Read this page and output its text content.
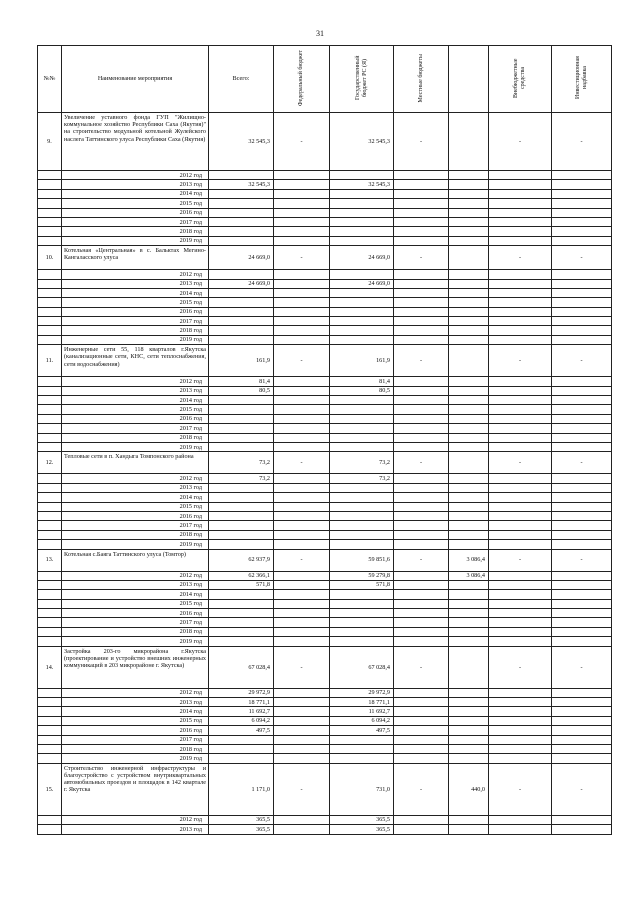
31
№№	Наименование мероприятия	Всего:	Федеральный бюджет	Государственный бюджет РС (Я)	Местные бюджеты		Внебюджетные средства	Инвестиционная надбавка
9.	Увеличение уставного фонда ГУП "Жилищно-коммунальное хозяйство Республики Саха (Якутия)" на строительство модульной котельной Жулейского наслега Таттинского улуса Республики Саха (Якутия)	32 545,3	-	32 545,3	-		-	-
	2012 год							
	2013 год	32 545,3		32 545,3				
	2014 год							
	2015 год							
	2016 год							
	2017 год							
	2018 год							
	2019 год							
10.	Котельная «Центральная» в с. Бальктах Мегино-Кангаласского улуса	24 669,0	-	24 669,0	-		-	-
	2012 год							
	2013 год	24 669,0		24 669,0				
	2014 год							
	2015 год							
	2016 год							
	2017 год							
	2018 год							
	2019 год							
11.	Инженерные сети 55, 118 кварталов г.Якутска (канализационные сети, КНС, сети теплоснабжения, сети водоснабжения)	161,9	-	161,9	-		-	-
	2012 год	81,4		81,4				
	2013 год	80,5		80,5				
	2014 год							
	2015 год							
	2016 год							
	2017 год							
	2018 год							
	2019 год							
12.	Тепловые сети в п. Хандыга Томпонского района	73,2	-	73,2	-		-	-
	2012 год	73,2		73,2				
	2013 год							
	2014 год							
	2015 год							
	2016 год							
	2017 год							
	2018 год							
	2019 год							
13.	Котельная с.Баяга Таттинского улуса (Томтор)	62 937,9	-	59 851,6	-	3 086,4	-	-
	2012 год	62 366,1		59 279,8		3 086,4		
	2013 год	571,8		571,8				
	2014 год							
	2015 год							
	2016 год							
	2017 год							
	2018 год							
	2019 год							
14.	Застройка 203-го микрорайона г.Якутска (проектирование и устройство внешних инженерных коммуникаций в 203 микрорайоне г. Якутска)	67 028,4	-	67 028,4	-		-	-
	2012 год	29 972,9		29 972,9				
	2013 год	18 771,1		18 771,1				
	2014 год	11 692,7		11 692,7				
	2015 год	6 094,2		6 094,2				
	2016 год	497,5		497,5				
	2017 год							
	2018 год							
	2019 год							
15.	Строительство инженерной инфраструктуры и благоустройство с устройством внутриквартальных автомобильных проездов и площадок в 142 квартале г. Якутска	1 171,0	-	731,0	-	440,0	-	-
	2012 год	365,5		365,5				
	2013 год	365,5		365,5				
